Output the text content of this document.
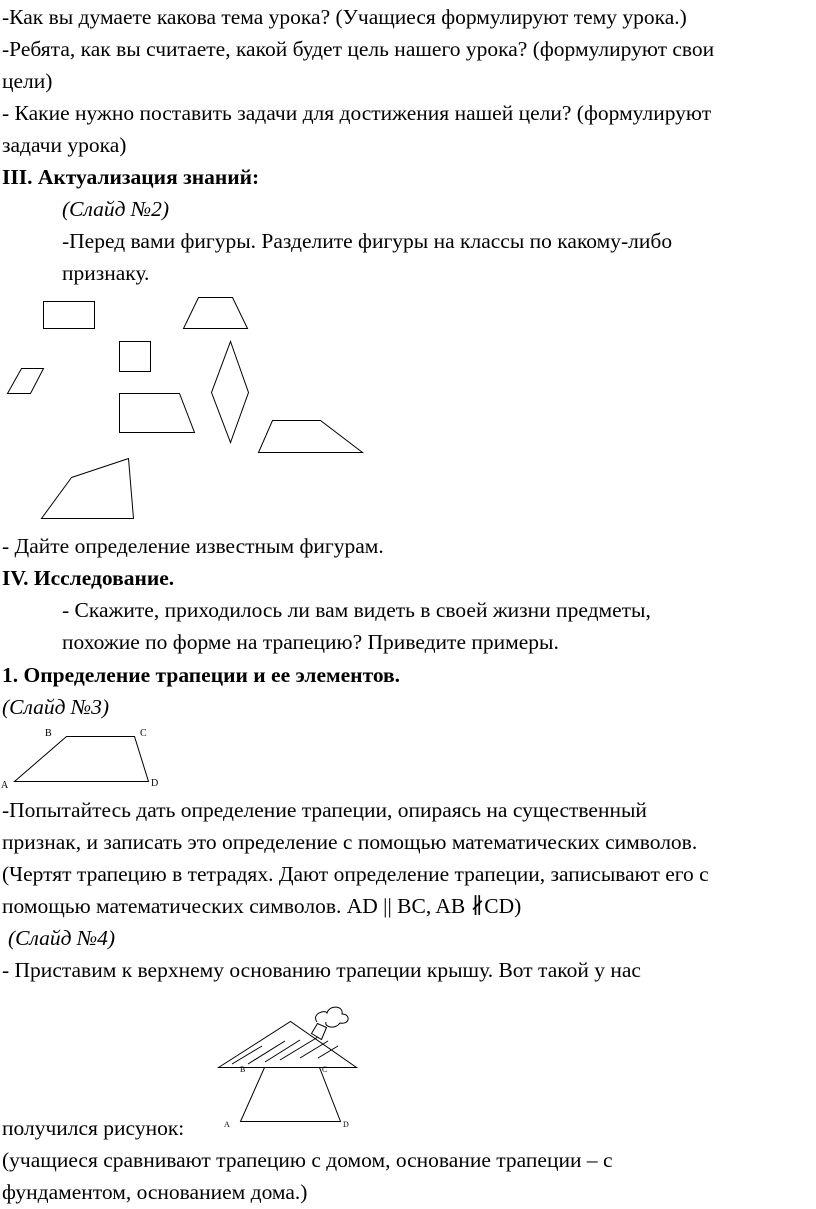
-Как вы думаете какова тема урока? (Учащиеся формулируют тему урока.)
-Ребята, как вы считаете, какой будет цель нашего урока? (формулируют свои
цели)
- Какие нужно поставить задачи для достижения нашей цели? (формулируют
задачи урока)
III. Актуализация знаний:
(Слайд №2)
-Перед вами фигуры. Разделите фигуры на классы по какому-либо
признаку.
- Дайте определение известным фигурам.
IV. Исследование.
- Скажите, приходилось ли вам видеть в своей жизни предметы,
похожие по форме на трапецию? Приведите примеры.
1. Определение трапеции и ее элементов.
(Слайд №3)
B	C
A	D
-Попытайтесь дать определение трапеции, опираясь на существенный
признак, и записать это определение с помощью математических символов.
(Чертят трапецию в тетрадях. Дают определение трапеции, записывают его с
помощью математических символов. AD || BC, AB ∦CD)
(Слайд №4)
- Приставим к верхнему основанию трапеции крышу. Вот такой у нас
B	C
A	D
получился рисунок:
(учащиеся сравнивают трапецию с домом, основание трапеции – с
фундаментом, основанием дома.)
